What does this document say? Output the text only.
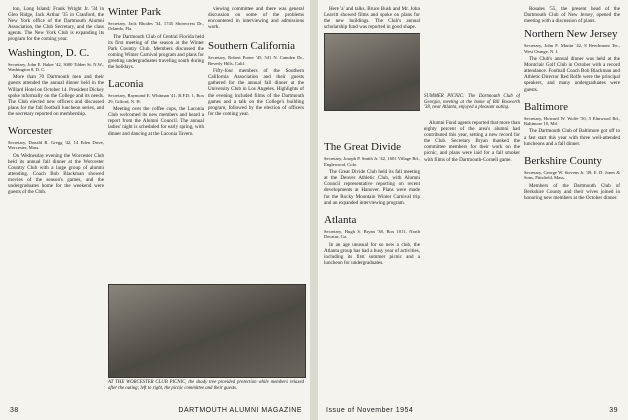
ton, Long Island; Frank Wright Jr. '34 in Glen Ridge, Jack Arthur '35 in Cranford, the New York office of the Dartmouth Alumni Association, the Club Secretary, and the class agents. The New York Club is expanding its program for the coming year.

Washington, D. C.
Secretary, John E. Baker '42, 3000 Tilden St. N.W., Washington 8, D. C.

More than 70 Dartmouth men and their guests attended the annual dinner held in the Willard Hotel on October 14. President Dickey spoke informally on the College and its needs. The Club elected new officers and discussed plans for the fall football luncheon series, and the secretary reported on membership.

Worcester
Secretary, Donald R. Gregg '42, 14 Eden Drive, Worcester, Mass.

On Wednesday evening the Worcester Club held its annual fall dinner at the Worcester Country Club with a large group of alumni attending. Coach Bob Blackman showed movies of the season's games, and the undergraduates home for the weekend were guests of the Club.

Winter Park
Secretary, Jack Rhodes '34, 1745 Shorecrest Dr., Orlando, Fla.

The Dartmouth Club of Central Florida held its first meeting of the season at the Winter Park Country Club. Members discussed the coming Winter Carnival program and plans for greeting undergraduates traveling south during the holidays.

Laconia
Secretary, Raymond E. Whitman '41, R.F.D. 1, Box 29, Gilford, N. H.

Meeting over the coffee cups, the Laconia Club welcomed its new members and heard a report from the Alumni Council. The annual ladies' night is scheduled for early spring, with dinner and dancing at the Laconia Tavern.

viewing committee and there was general discussion on some of the problems encountered in interviewing and admissions work.

Southern California
Secretary, Robert Porter '45, 541 N. Camden Dr., Beverly Hills, Calif.

Fifty-four members of the Southern California Association and their guests gathered for the annual fall dinner at the University Club in Los Angeles. Highlights of the evening included films of the Dartmouth games and a talk on the College's building program, followed by the election of officers for the coming year.

AT THE WORCESTER CLUB PICNIC, the shady tree provided protection while members relaxed after the outing; left to right, the picnic committee and their guests.
38	DARTMOUTH ALUMNI MAGAZINE

Here 'a' and talks. Bruce Bush and Mr. John Leavitt showed films and spoke on plans for the new buildings. The Club's annual scholarship fund was reported in good shape.

The Great Divide
Secretary, Joseph P. Smith Jr. '42, 1601 Village Rd., Englewood, Colo.

The Great Divide Club held its fall meeting at the Denver Athletic Club, with Alumni Council representative reporting on recent developments at Hanover. Plans were made for the Rocky Mountain Winter Carnival trip and an expanded interviewing program.

Atlanta
Secretary, Hugh S. Bryan '38, Box 1011, North Decatur, Ga.

In an age unusual for so new a club, the Atlanta group has had a busy year of activities, including its first summer picnic and a luncheon for undergraduates.

SUMMER PICNIC: The Dartmouth Club of Georgia, meeting at the home of Bill Bosworth '38, near Atlanta, enjoyed a pleasant outing.

Alumni Fund agents reported that more than eighty percent of the area's alumni had contributed this year, setting a new record for the Club. Secretary Bryan thanked the committee members for their work on the picnic, and plans were laid for a fall smoker with films of the Dartmouth-Cornell game.

Rosales '55, the present head of the Dartmouth Club of New Jersey, opened the meeting with a discussion of plans.

Northern New Jersey
Secretary, John F. Martin '42, 8 Beechmont Ter., West Orange, N. J.

The Club's annual dinner was held at the Montclair Golf Club in October with a record attendance. Football Coach Bob Blackman and Athletic Director Red Rolfe were the principal speakers, and many undergraduates were guests.

Baltimore
Secretary, Howard W. Wolfe '50, 3 Elmwood Rd., Baltimore 10, Md.

The Dartmouth Club of Baltimore got off to a fast start this year with three well-attended luncheons and a fall dinner.

Berkshire County
Secretary, George W. Stevens Jr. '49, E. D. Jones & Sons, Pittsfield, Mass.

Members of the Dartmouth Club of Berkshire County and their wives joined in honoring new members at the October dinner.

Issue of November 1954	39
